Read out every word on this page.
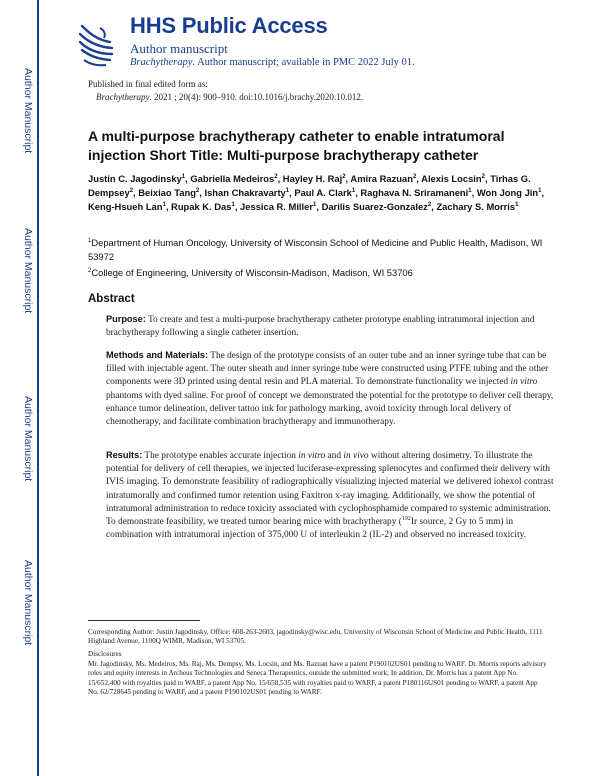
Author Manuscript
Author Manuscript
Author Manuscript
Author Manuscript
HHS Public Access
Author manuscript
Brachytherapy. Author manuscript; available in PMC 2022 July 01.
Published in final edited form as:
Brachytherapy. 2021 ; 20(4): 900–910. doi:10.1016/j.brachy.2020.10.012.
A multi-purpose brachytherapy catheter to enable intratumoral injection Short Title: Multi-purpose brachytherapy catheter
Justin C. Jagodinsky$^1$, Gabriella Medeiros$^2$, Hayley H. Raj$^2$, Amira Razuan$^2$, Alexis Locsin$^2$, Tirhas G. Dempsey$^2$, Beixiao Tang$^2$, Ishan Chakravarty$^1$, Paul A. Clark$^1$, Raghava N. Sriramaneni$^1$, Won Jong Jin$^1$, Keng-Hsueh Lan$^1$, Rupak K. Das$^1$, Jessica R. Miller$^1$, Darilis Suarez-Gonzalez$^2$, Zachary S. Morris$^1$
$^1$Department of Human Oncology, University of Wisconsin School of Medicine and Public Health, Madison, WI 53972
$^2$College of Engineering, University of Wisconsin-Madison, Madison, WI 53706
Abstract
Purpose: To create and test a multi-purpose brachytherapy catheter prototype enabling intratumoral injection and brachytherapy following a single catheter insertion.
Methods and Materials: The design of the prototype consists of an outer tube and an inner syringe tube that can be filled with injectable agent. The outer sheath and inner syringe tube were constructed using PTFE tubing and the other components were 3D printed using dental resin and PLA material. To demonstrate functionality we injected in vitro phantoms with dyed saline. For proof of concept we demonstrated the potential for the prototype to deliver cell therapy, enhance tumor delineation, deliver tattoo ink for pathology marking, avoid toxicity through local delivery of chemotherapy, and facilitate combination brachytherapy and immunotherapy.
Results: The prototype enables accurate injection in vitro and in vivo without altering dosimetry. To illustrate the potential for delivery of cell therapies, we injected luciferase-expressing splenocytes and confirmed their delivery with IVIS imaging. To demonstrate feasibility of radiographically visualizing injected material we delivered iohexol contrast intratumorally and confirmed tumor retention using Faxitron x-ray imaging. Additionally, we show the potential of intratumoral administration to reduce toxicity associated with cyclophosphamide compared to systemic administration. To demonstrate feasibility, we treated tumor bearing mice with brachytherapy ($^{192}$Ir source, 2 Gy to 5 mm) in combination with intratumoral injection of 375,000 U of interleukin 2 (IL-2) and observed no increased toxicity.
Corresponding Author: Justin Jagodinsky, Office: 608-263-2603, jagodinsky@wisc.edu, University of Wisconsin School of Medicine and Public Health, 1111 Highland Avenue, 1100Q WIMR, Madison, WI 53705.
Disclosures
Mr. Jagodinsky, Ms. Medeiros, Ms. Raj, Ms. Dempsy, Ms. Locsin, and Ms. Razuan have a patent P190102US01 pending to WARF. Dr. Morris reports advisory roles and equity interests in Archeus Technologies and Seneca Therapeutics, outside the submitted work; In addition, Dr. Morris has a patent App No. 15/652,400 with royalties paid to WARF, a patent App No. 15/658,535 with royalties paid to WARF, a patent P180116US01 pending to WARF, a patent App No. 62/728645 pending to WARF, and a patent P190102US01 pending to WARF.
